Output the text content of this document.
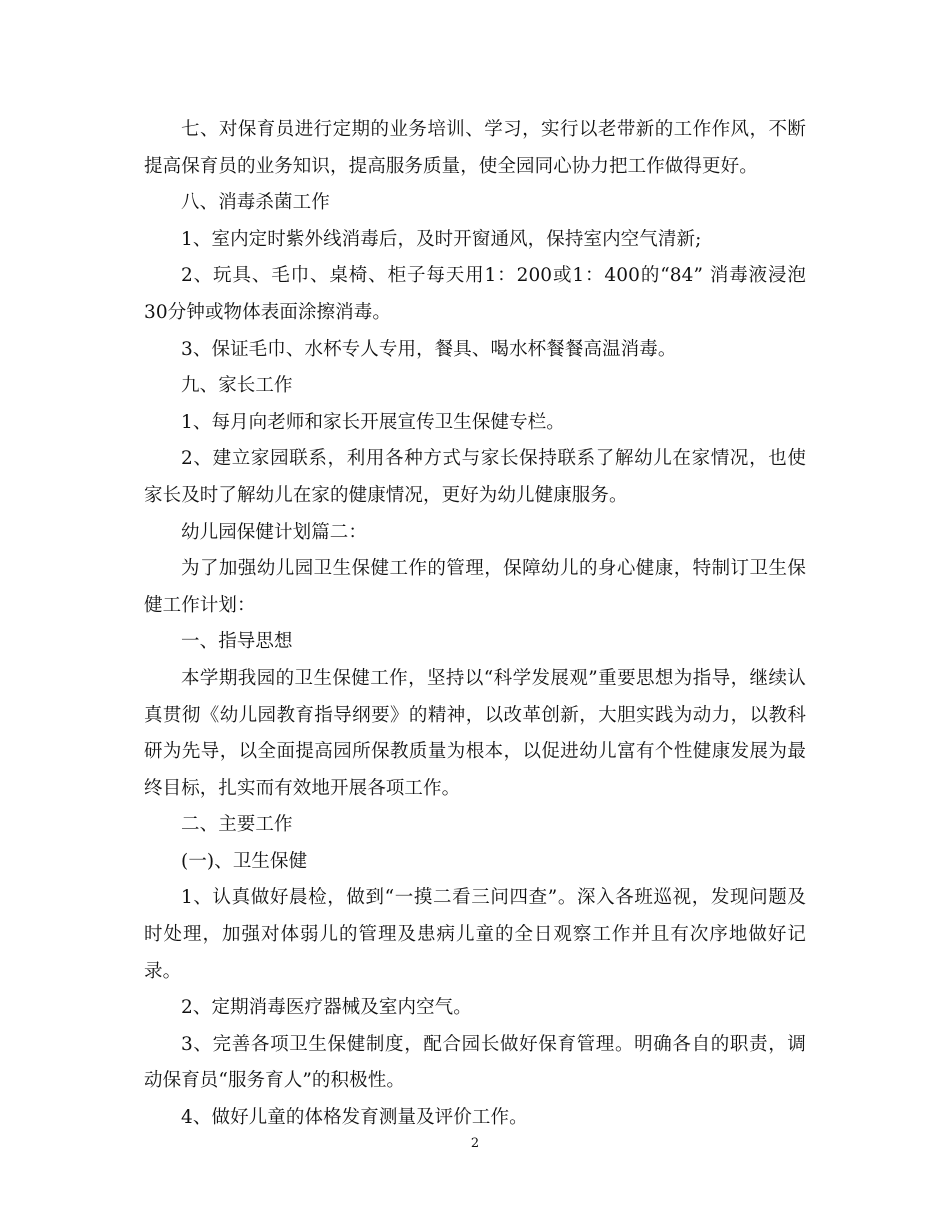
七、对保育员进行定期的业务培训、学习，实行以老带新的工作作风，不断提高保育员的业务知识，提高服务质量，使全园同心协力把工作做得更好。

八、消毒杀菌工作

1、室内定时紫外线消毒后，及时开窗通风，保持室内空气清新;

2、玩具、毛巾、桌椅、柜子每天用1：200或1：400的“84” 消毒液浸泡30分钟或物体表面涂擦消毒。

3、保证毛巾、水杯专人专用，餐具、喝水杯餐餐高温消毒。

九、家长工作

1、每月向老师和家长开展宣传卫生保健专栏。

2、建立家园联系，利用各种方式与家长保持联系了解幼儿在家情况，也使家长及时了解幼儿在家的健康情况，更好为幼儿健康服务。

幼儿园保健计划篇二：

为了加强幼儿园卫生保健工作的管理，保障幼儿的身心健康，特制订卫生保健工作计划：

一、指导思想

本学期我园的卫生保健工作，坚持以“科学发展观”重要思想为指导，继续认真贯彻《幼儿园教育指导纲要》的精神，以改革创新，大胆实践为动力，以教科研为先导，以全面提高园所保教质量为根本，以促进幼儿富有个性健康发展为最终目标，扎实而有效地开展各项工作。

二、主要工作

(一)、卫生保健

1、认真做好晨检，做到“一摸二看三问四查”。深入各班巡视，发现问题及时处理，加强对体弱儿的管理及患病儿童的全日观察工作并且有次序地做好记录。

2、定期消毒医疗器械及室内空气。

3、完善各项卫生保健制度，配合园长做好保育管理。明确各自的职责，调动保育员“服务育人”的积极性。

4、做好儿童的体格发育测量及评价工作。

2
